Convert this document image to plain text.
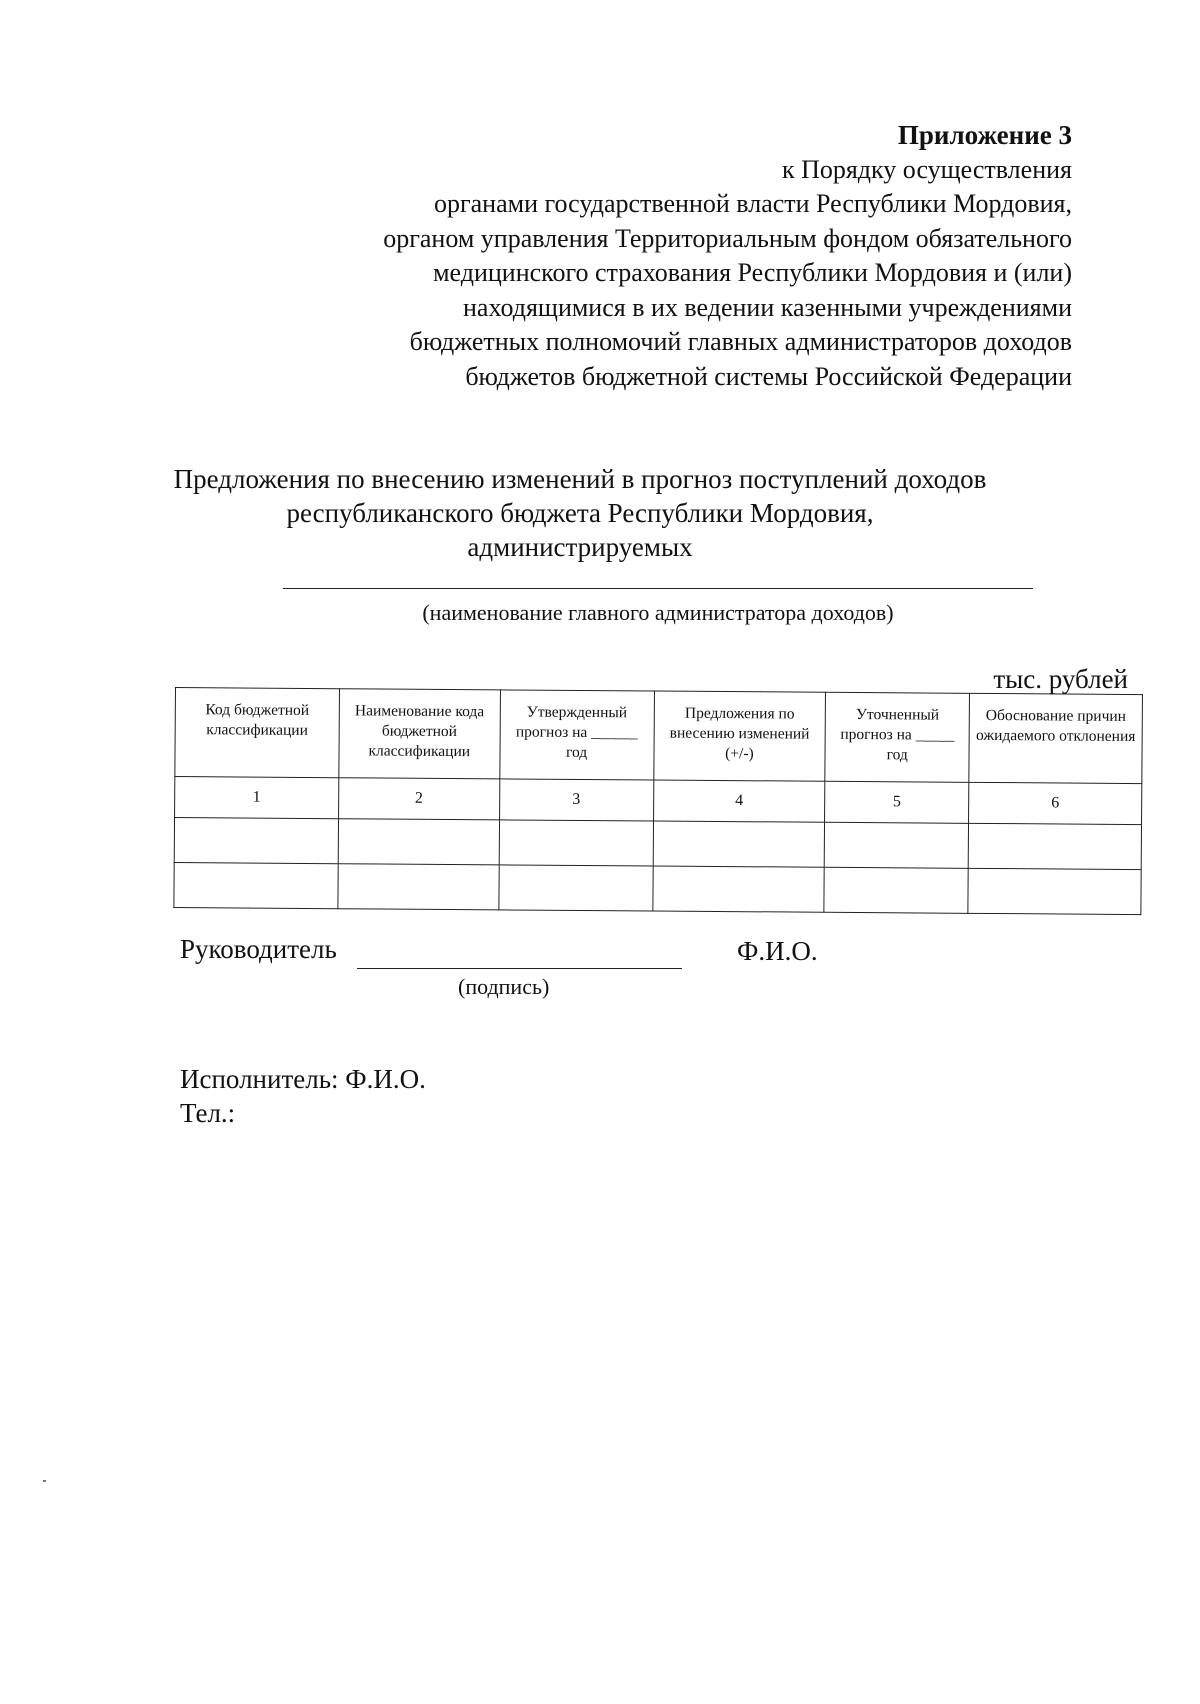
Приложение 3
к Порядку осуществления
органами государственной власти Республики Мордовия,
органом управления Территориальным фондом обязательного
медицинского страхования Республики Мордовия и (или)
находящимися в их ведении казенными учреждениями
бюджетных полномочий главных администраторов доходов
бюджетов бюджетной системы Российской Федерации
Предложения по внесению изменений в прогноз поступлений доходов
республиканского бюджета Республики Мордовия,
администрируемых
(наименование главного администратора доходов)
тыс. рублей
Код бюджетной классификации	Наименование кода бюджетной классификации	Утвержденный прогноз на ______ год	Предложения по внесению изменений (+/-)	Уточненный прогноз на _____ год	Обоснование причин ожидаемого отклонения
1	2	3	4	5	6

Руководитель	Ф.И.О.
(подпись)
Исполнитель: Ф.И.О.
Тел.:
